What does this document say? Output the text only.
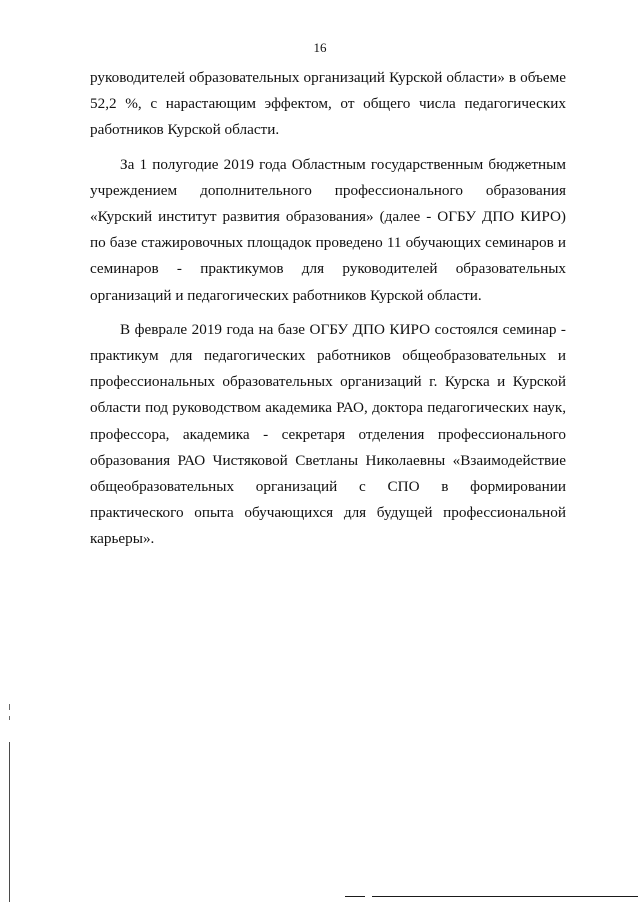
16

руководителей образовательных организаций Курской области» в объеме 52,2 %, с нарастающим эффектом, от общего числа педагогических работников Курской области.

За 1 полугодие 2019 года Областным государственным бюджетным учреждением дополнительного профессионального образования «Курский институт развития образования» (далее - ОГБУ ДПО КИРО) по базе стажировочных площадок проведено 11 обучающих семинаров и семинаров - практикумов для руководителей образовательных организаций и педагогических работников Курской области.

В феврале 2019 года на базе ОГБУ ДПО КИРО состоялся семинар - практикум для педагогических работников общеобразовательных и профессиональных образовательных организаций г. Курска и Курской области под руководством академика РАО, доктора педагогических наук, профессора, академика - секретаря отделения профессионального образования РАО Чистяковой Светланы Николаевны «Взаимодействие общеобразовательных организаций с СПО в формировании практического опыта обучающихся для будущей профессиональной карьеры».
